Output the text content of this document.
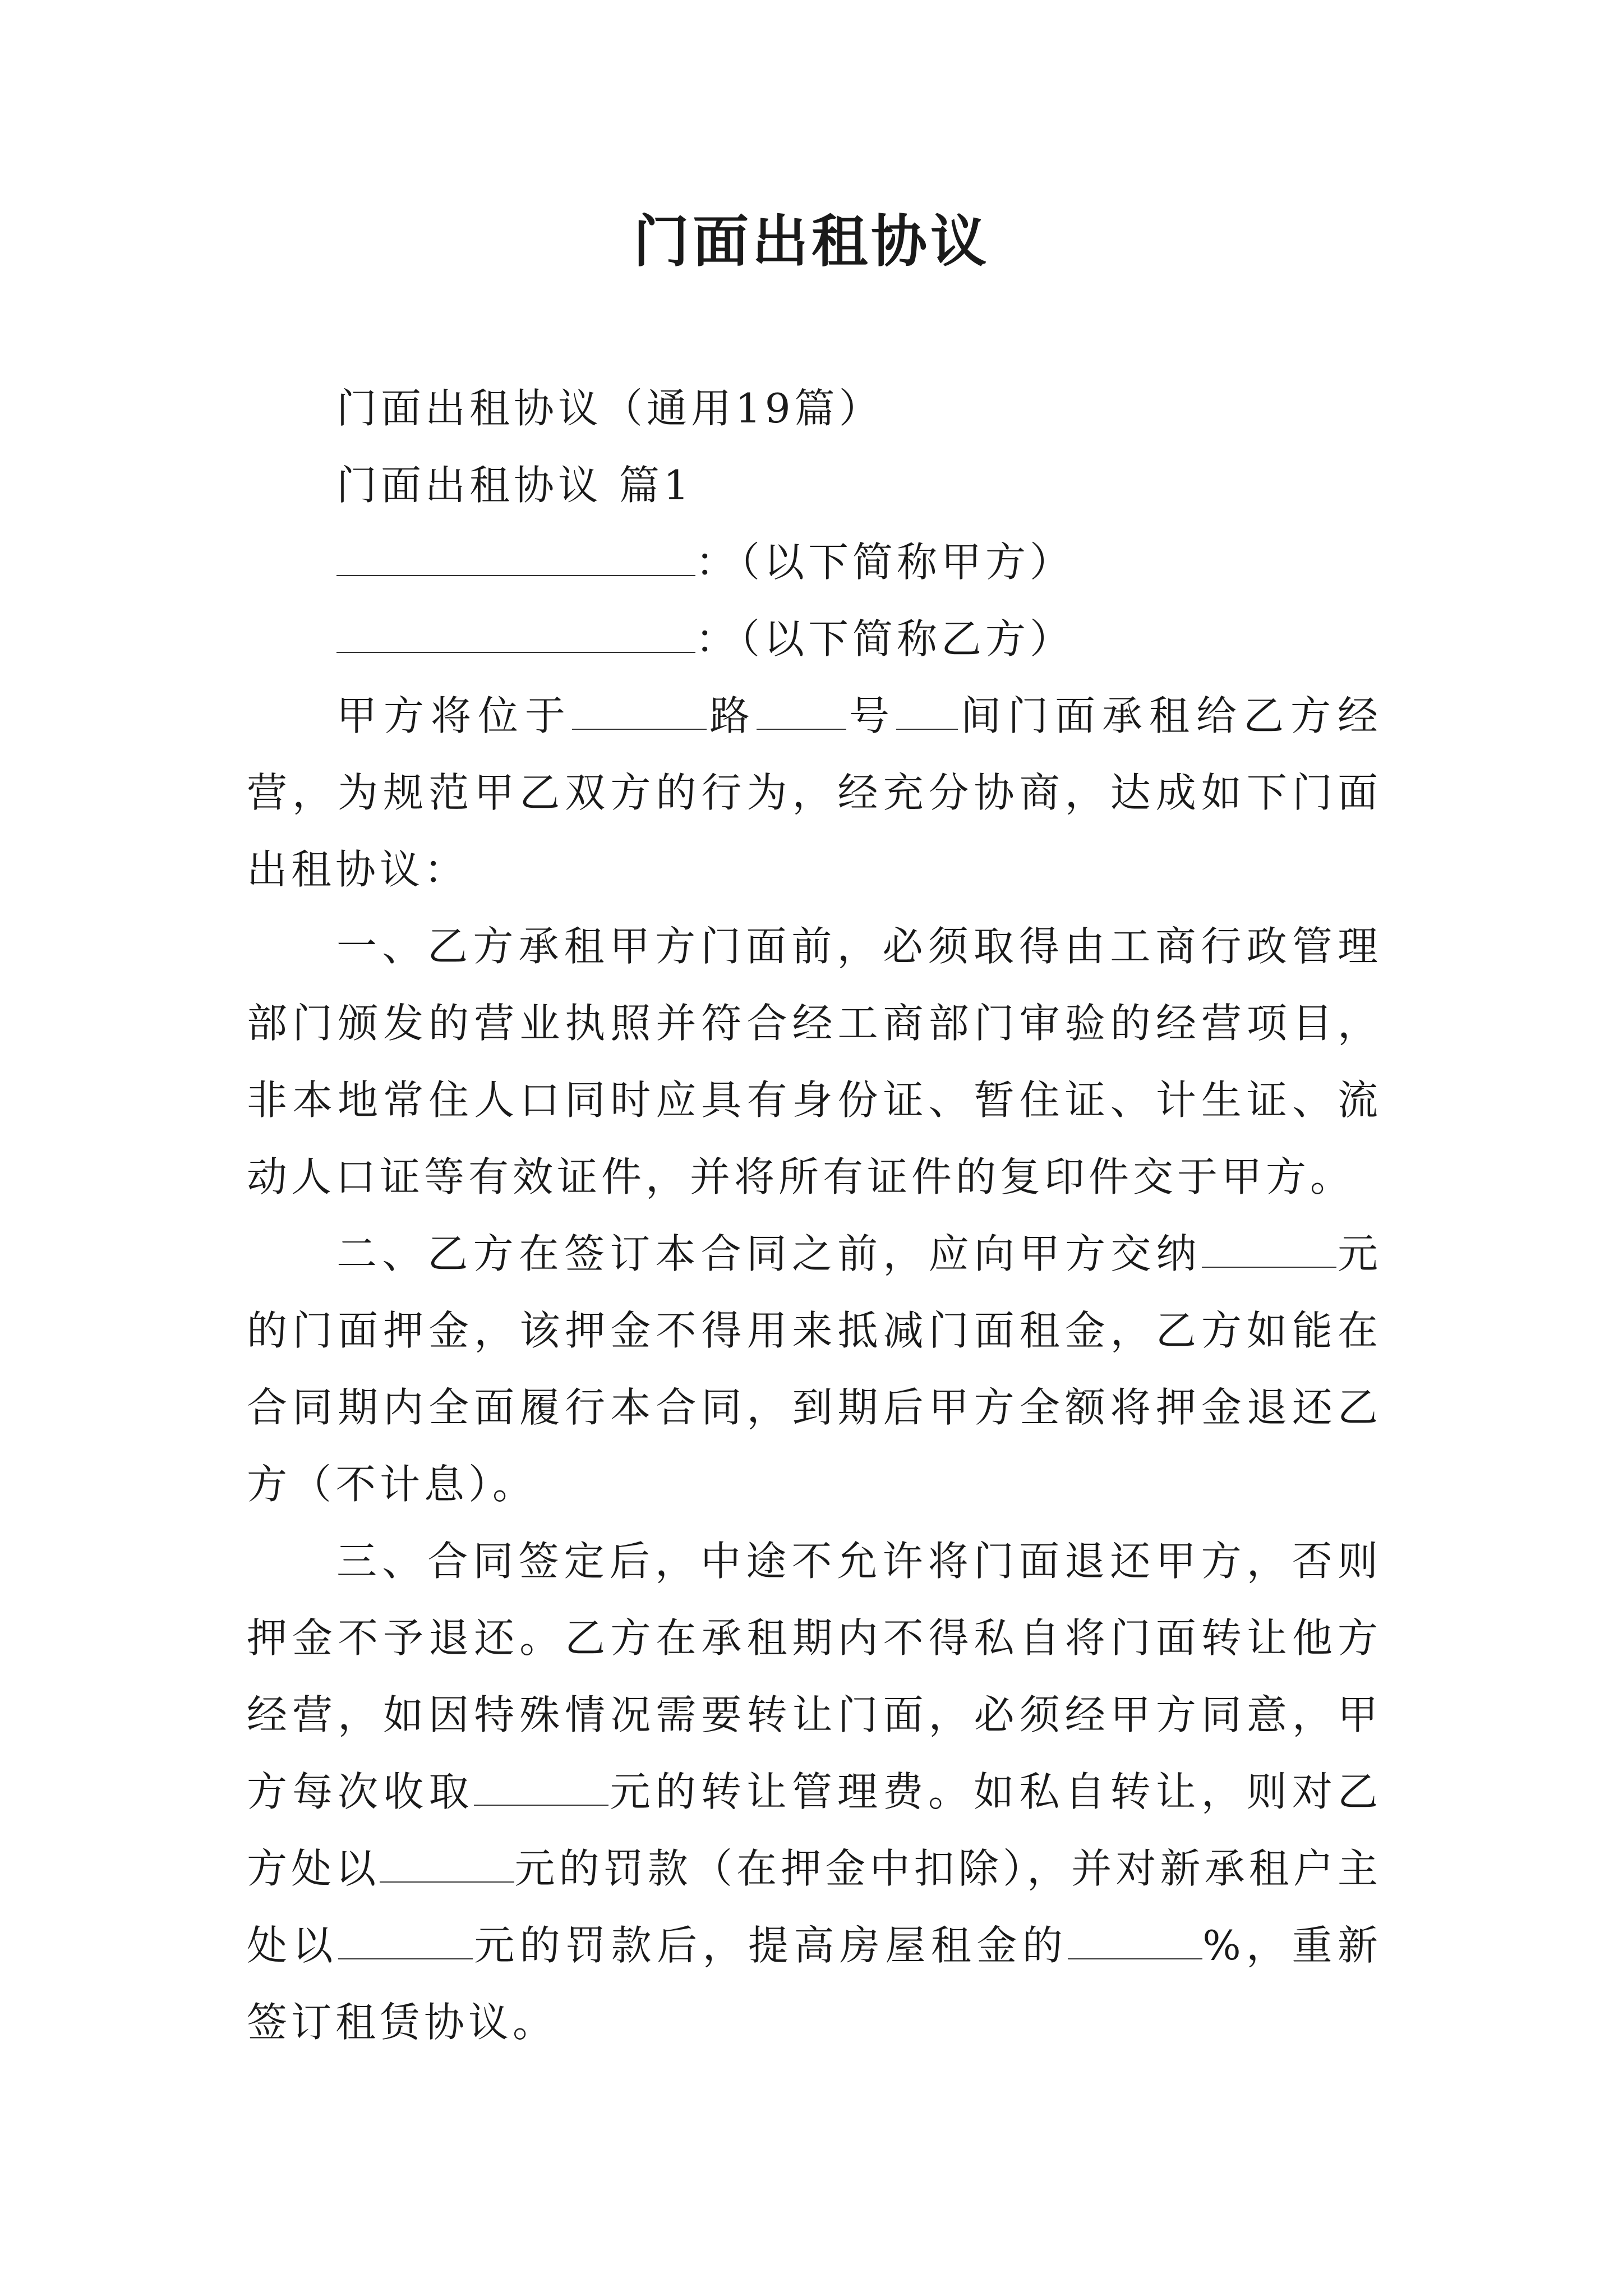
门面出租协议

门面出租协议（通用19篇）

门面出租协议 篇1

：（以下简称甲方）

：（以下简称乙方）

甲方将位于	路 号 间门面承租给乙方经营，为规范甲乙双方的行为，经充分协商，达成如下门面出租协议：

一、乙方承租甲方门面前，必须取得由工商行政管理部门颁发的营业执照并符合经工商部门审验的经营项目，非本地常住人口同时应具有身份证、暂住证、计生证、流动人口证等有效证件，并将所有证件的复印件交于甲方。

二、乙方在签订本合同之前，应向甲方交纳	元的门面押金，该押金不得用来抵减门面租金，乙方如能在合同期内全面履行本合同，到期后甲方全额将押金退还乙方（不计息）。

三、合同签定后，中途不允许将门面退还甲方，否则押金不予退还。乙方在承租期内不得私自将门面转让他方经营，如因特殊情况需要转让门面，必须经甲方同意，甲方每次收取	元的转让管理费。如私自转让，则对乙方处以	元的罚款（在押金中扣除），并对新承租户主处以	元的罚款后，提高房屋租金的	%，重新签订租赁协议。
